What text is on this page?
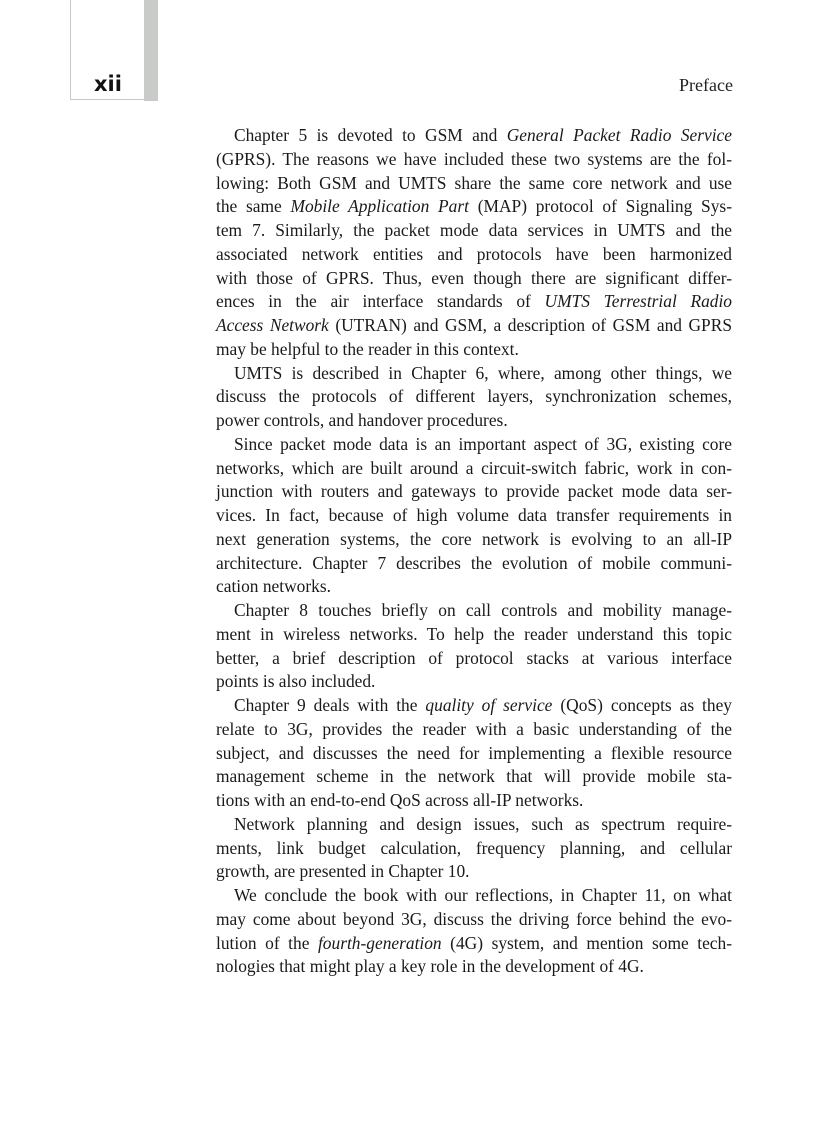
xii	Preface
Chapter 5 is devoted to GSM and General Packet Radio Service
(GPRS). The reasons we have included these two systems are the fol-
lowing: Both GSM and UMTS share the same core network and use
the same Mobile Application Part (MAP) protocol of Signaling Sys-
tem 7. Similarly, the packet mode data services in UMTS and the
associated network entities and protocols have been harmonized
with those of GPRS. Thus, even though there are significant differ-
ences in the air interface standards of UMTS Terrestrial Radio
Access Network (UTRAN) and GSM, a description of GSM and GPRS
may be helpful to the reader in this context.
UMTS is described in Chapter 6, where, among other things, we
discuss the protocols of different layers, synchronization schemes,
power controls, and handover procedures.
Since packet mode data is an important aspect of 3G, existing core
networks, which are built around a circuit-switch fabric, work in con-
junction with routers and gateways to provide packet mode data ser-
vices. In fact, because of high volume data transfer requirements in
next generation systems, the core network is evolving to an all-IP
architecture. Chapter 7 describes the evolution of mobile communi-
cation networks.
Chapter 8 touches briefly on call controls and mobility manage-
ment in wireless networks. To help the reader understand this topic
better, a brief description of protocol stacks at various interface
points is also included.
Chapter 9 deals with the quality of service (QoS) concepts as they
relate to 3G, provides the reader with a basic understanding of the
subject, and discusses the need for implementing a flexible resource
management scheme in the network that will provide mobile sta-
tions with an end-to-end QoS across all-IP networks.
Network planning and design issues, such as spectrum require-
ments, link budget calculation, frequency planning, and cellular
growth, are presented in Chapter 10.
We conclude the book with our reflections, in Chapter 11, on what
may come about beyond 3G, discuss the driving force behind the evo-
lution of the fourth-generation (4G) system, and mention some tech-
nologies that might play a key role in the development of 4G.
